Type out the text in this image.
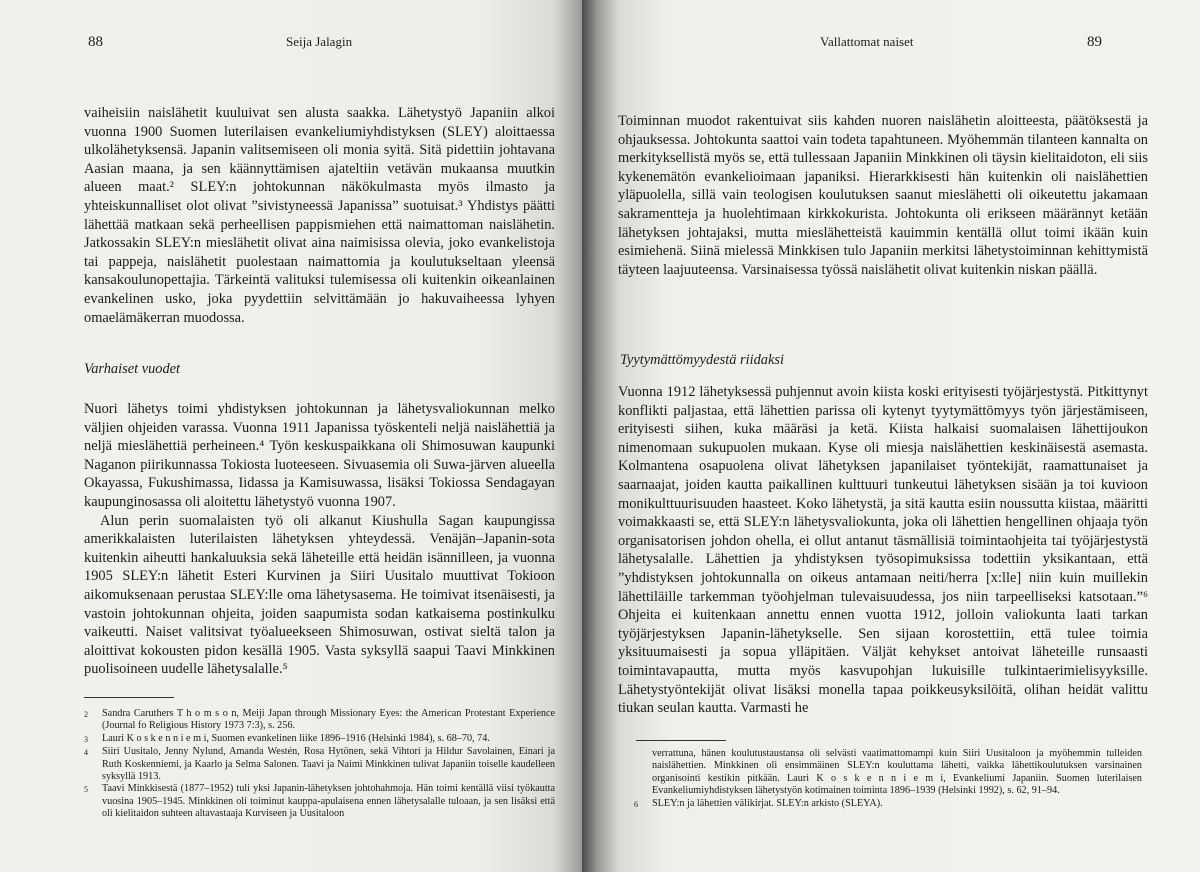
88	Seija Jalagin

vaiheisiin naislähetit kuuluivat sen alusta saakka. Lähetystyö Japaniin alkoi vuonna 1900 Suomen luterilaisen evankeliumiyhdistyksen (SLEY) aloittaessa ulkolähetyksensä. Japanin valitsemiseen oli monia syitä. Sitä pidettiin johtavana Aasian maana, ja sen käännyttämisen ajateltiin vetävän mukaansa muutkin alueen maat.² SLEY:n johtokunnan näkökulmasta myös ilmasto ja yhteiskunnalliset olot olivat ”sivistyneessä Japanissa” suotuisat.³ Yhdistys päätti lähettää matkaan sekä perheellisen pappismiehen että naimattoman naislähetin. Jatkossakin SLEY:n mieslähetit olivat aina naimisissa olevia, joko evankelistoja tai pappeja, naislähetit puolestaan naimattomia ja koulutukseltaan yleensä kansakoulunopettajia. Tärkeintä valituksi tulemisessa oli kuitenkin oikeanlainen evankelinen usko, joka pyydettiin selvittämään jo hakuvaiheessa lyhyen omaelämäkerran muodossa.

Varhaiset vuodet

Nuori lähetys toimi yhdistyksen johtokunnan ja lähetysvaliokunnan melko väljien ohjeiden varassa. Vuonna 1911 Japanissa työskenteli neljä naislähettiä ja neljä mieslähettiä perheineen.⁴ Työn keskuspaikkana oli Shimosuwan kaupunki Naganon piirikunnassa Tokiosta luoteeseen. Sivuasemia oli Suwa-järven alueella Okayassa, Fukushimassa, Iidassa ja Kamisuwassa, lisäksi Tokiossa Sendagayan kaupunginosassa oli aloitettu lähetystyö vuonna 1907.

Alun perin suomalaisten työ oli alkanut Kiushulla Sagan kaupungissa amerikkalaisten luterilaisten lähetyksen yhteydessä. Venäjän–Japanin-sota kuitenkin aiheutti hankaluuksia sekä läheteille että heidän isännilleen, ja vuonna 1905 SLEY:n lähetit Esteri Kurvinen ja Siiri Uusitalo muuttivat Tokioon aikomuksenaan perustaa SLEY:lle oma lähetysasema. He toimivat itsenäisesti, ja vastoin johtokunnan ohjeita, joiden saapumista sodan katkaisema postinkulku vaikeutti. Naiset valitsivat työalueekseen Shimosuwan, ostivat sieltä talon ja aloittivat kokousten pidon kesällä 1905. Vasta syksyllä saapui Taavi Minkkinen puolisoineen uudelle lähetysalalle.⁵

2	Sandra Caruthers T h o m s o n, Meiji Japan through Missionary Eyes: the American Protestant Experience (Journal fo Religious History 1973 7:3), s. 256.
3	Lauri K o s k e n n i e m i, Suomen evankelinen liike 1896–1916 (Helsinki 1984), s. 68–70, 74.
4	Siiri Uusitalo, Jenny Nylund, Amanda Westén, Rosa Hytönen, sekä Vihtori ja Hildur Savolainen, Einari ja Ruth Koskenniemi, ja Kaarlo ja Selma Salonen. Taavi ja Naimi Minkkinen tulivat Japaniin toiselle kaudelleen syksyllä 1913.
5	Taavi Minkkisestä (1877–1952) tuli yksi Japanin-lähetyksen johtohahmoja. Hän toimi kentällä viisi työkautta vuosina 1905–1945. Minkkinen oli toiminut kauppa-apulaisena ennen lähetysalalle tuloaan, ja sen lisäksi että oli kielitaidon suhteen altavastaaja Kurviseen ja Uusitaloon
Vallattomat naiset	89

Toiminnan muodot rakentuivat siis kahden nuoren naislähetin aloitteesta, päätöksestä ja ohjauksessa. Johtokunta saattoi vain todeta tapahtuneen. Myöhemmän tilanteen kannalta on merkityksellistä myös se, että tullessaan Japaniin Minkkinen oli täysin kielitaidoton, eli siis kykenemätön evankelioimaan japaniksi. Hierarkkisesti hän kuitenkin oli naislähettien yläpuolella, sillä vain teologisen koulutuksen saanut mieslähetti oli oikeutettu jakamaan sakramentteja ja huolehtimaan kirkkokurista. Johtokunta oli erikseen määrännyt ketään lähetyksen johtajaksi, mutta mieslähetteistä kauimmin kentällä ollut toimi ikään kuin esimiehenä. Siinä mielessä Minkkisen tulo Japaniin merkitsi lähetystoiminnan kehittymistä täyteen laajuuteensa. Varsinaisessa työssä naislähetit olivat kuitenkin niskan päällä.

Tyytymättömyydestä riidaksi

Vuonna 1912 lähetyksessä puhjennut avoin kiista koski erityisesti työjärjestystä. Pitkittynyt konflikti paljastaa, että lähettien parissa oli kytenyt tyytymättömyys työn järjestämiseen, erityisesti siihen, kuka määräsi ja ketä. Kiista halkaisi suomalaisen lähettijoukon nimenomaan sukupuolen mukaan. Kyse oli miesja naislähettien keskinäisestä asemasta. Kolmantena osapuolena olivat lähetyksen japanilaiset työntekijät, raamattunaiset ja saarnaajat, joiden kautta paikallinen kulttuuri tunkeutui lähetyksen sisään ja toi kuvioon monikulttuurisuuden haasteet. Koko lähetystä, ja sitä kautta esiin noussutta kiistaa, määritti voimakkaasti se, että SLEY:n lähetysvaliokunta, joka oli lähettien hengellinen ohjaaja työn organisatorisen johdon ohella, ei ollut antanut täsmällisiä toimintaohjeita tai työjärjestystä lähetysalalle. Lähettien ja yhdistyksen työsopimuksissa todettiin yksikantaan, että ”yhdistyksen johtokunnalla on oikeus antamaan neiti/herra [x:lle] niin kuin muillekin lähettiläille tarkemman työohjelman tulevaisuudessa, jos niin tarpeelliseksi katsotaan.”⁶ Ohjeita ei kuitenkaan annettu ennen vuotta 1912, jolloin valiokunta laati tarkan työjärjestyksen Japanin-lähetykselle. Sen sijaan korostettiin, että tulee toimia yksituumaisesti ja sopua ylläpitäen. Väljät kehykset antoivat läheteille runsaasti toimintavapautta, mutta myös kasvupohjan lukuisille tulkintaerimielisyyksille. Lähetystyöntekijät olivat lisäksi monella tapaa poikkeusyksilöitä, olihan heidät valittu tiukan seulan kautta. Varmasti he

verrattuna, hänen koulutustaustansa oli selvästi vaatimattomampi kuin Siiri Uusitaloon ja myöhemmin tulleiden naislähettien. Minkkinen oli ensimmäinen SLEY:n kouluttama lähetti, vaikka lähettikoulutuksen varsinainen organisointi kestikin pitkään. Lauri K o s k e n n i e m i, Evankeliumi Japaniin. Suomen luterilaisen Evankeliumiyhdistyksen lähetystyön kotimainen toiminta 1896–1939 (Helsinki 1992), s. 62, 91–94.
6	SLEY:n ja lähettien välikirjat. SLEY:n arkisto (SLEYA).
